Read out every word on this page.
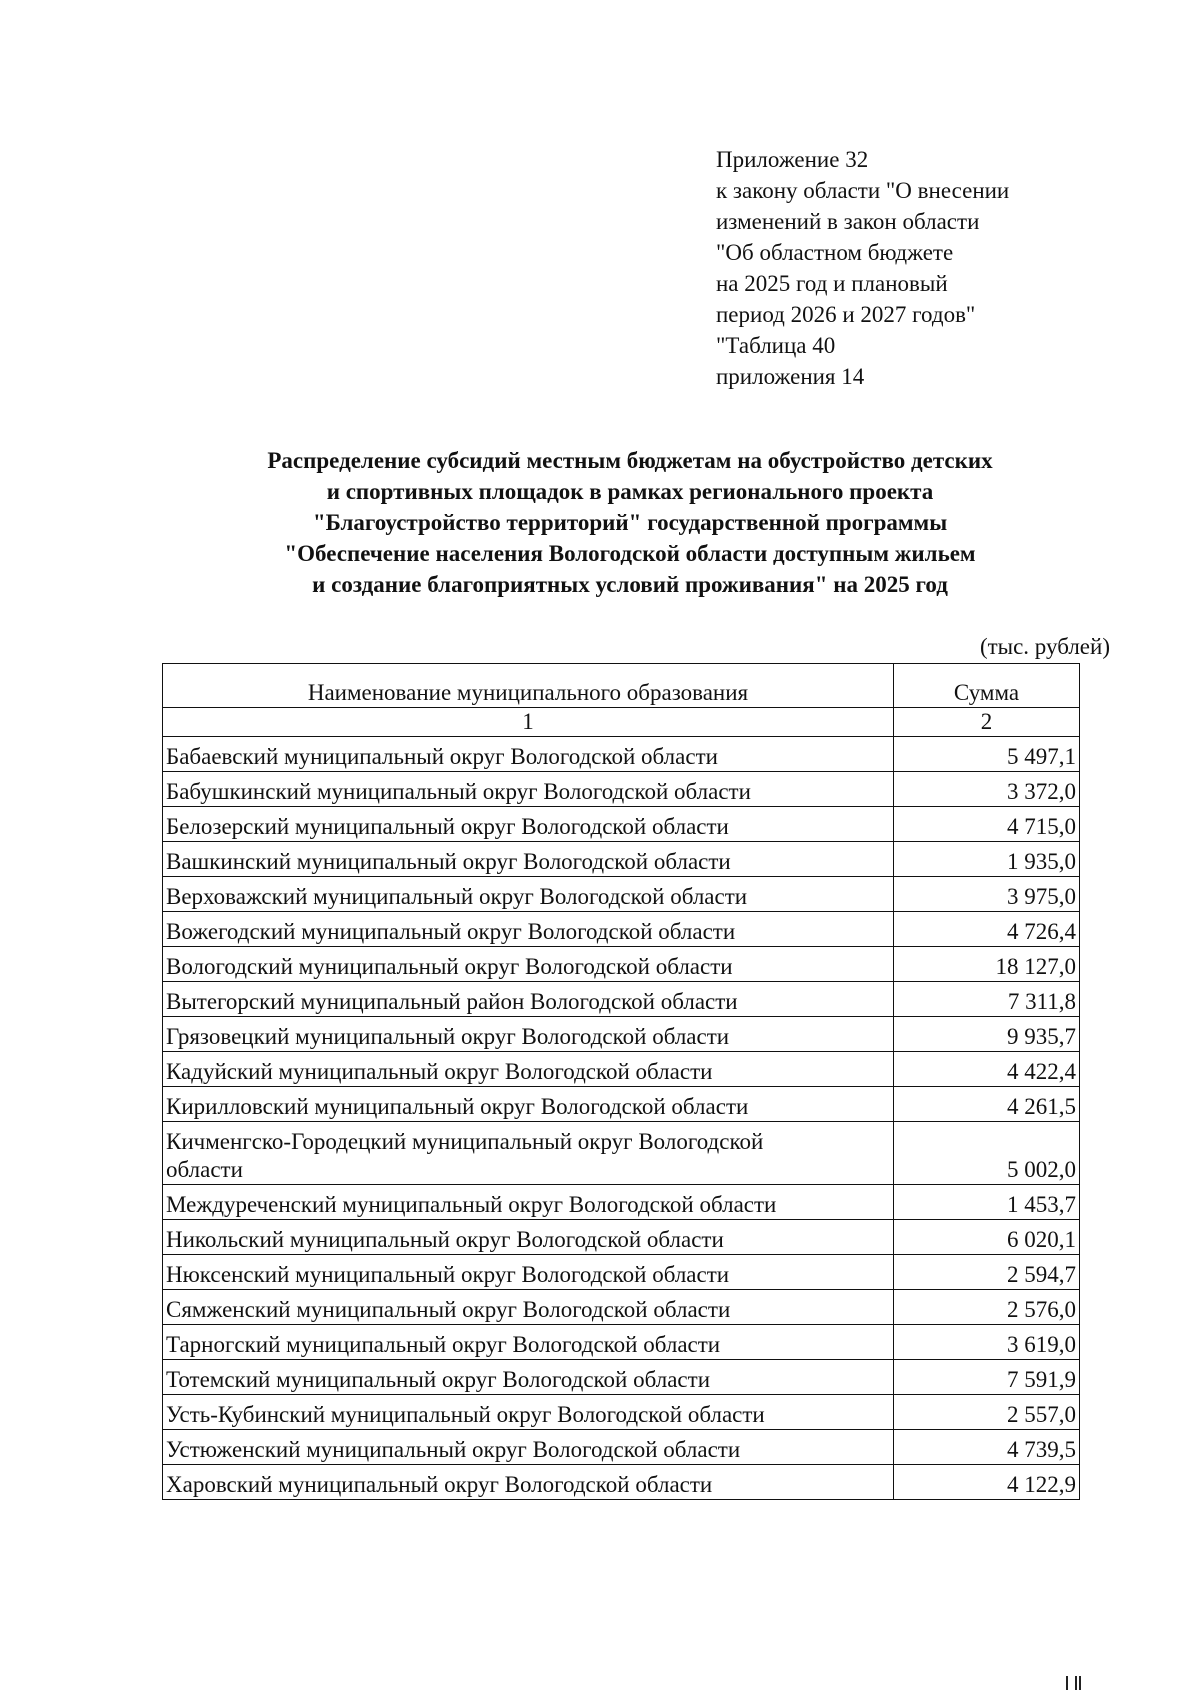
Приложение 32
к закону области "О внесении
изменений в закон области
"Об областном бюджете
на 2025 год и плановый
период 2026 и 2027 годов"
"Таблица 40
приложения 14
Распределение субсидий местным бюджетам на обустройство детских
и спортивных площадок в рамках регионального проекта
"Благоустройство территорий" государственной программы
"Обеспечение населения Вологодской области доступным жильем
и создание благоприятных условий проживания" на 2025 год
(тыс. рублей)
Наименование муниципального образования	Сумма
1	2
Бабаевский муниципальный округ Вологодской области	5 497,1
Бабушкинский муниципальный округ Вологодской области	3 372,0
Белозерский муниципальный округ Вологодской области	4 715,0
Вашкинский муниципальный округ Вологодской области	1 935,0
Верховажский муниципальный округ Вологодской области	3 975,0
Вожегодский муниципальный округ Вологодской области	4 726,4
Вологодский муниципальный округ Вологодской области	18 127,0
Вытегорский муниципальный район Вологодской области	7 311,8
Грязовецкий муниципальный округ Вологодской области	9 935,7
Кадуйский муниципальный округ Вологодской области	4 422,4
Кирилловский муниципальный округ Вологодской области	4 261,5

Кичменгско-Городецкий муниципальный округ Вологодской
области	5 002,0
Междуреченский муниципальный округ Вологодской области	1 453,7
Никольский муниципальный округ Вологодской области	6 020,1
Нюксенский муниципальный округ Вологодской области	2 594,7
Сямженский муниципальный округ Вологодской области	2 576,0
Тарногский муниципальный округ Вологодской области	3 619,0
Тотемский муниципальный округ Вологодской области	7 591,9
Усть-Кубинский муниципальный округ Вологодской области	2 557,0
Устюженский муниципальный округ Вологодской области	4 739,5
Харовский муниципальный округ Вологодской области	4 122,9
